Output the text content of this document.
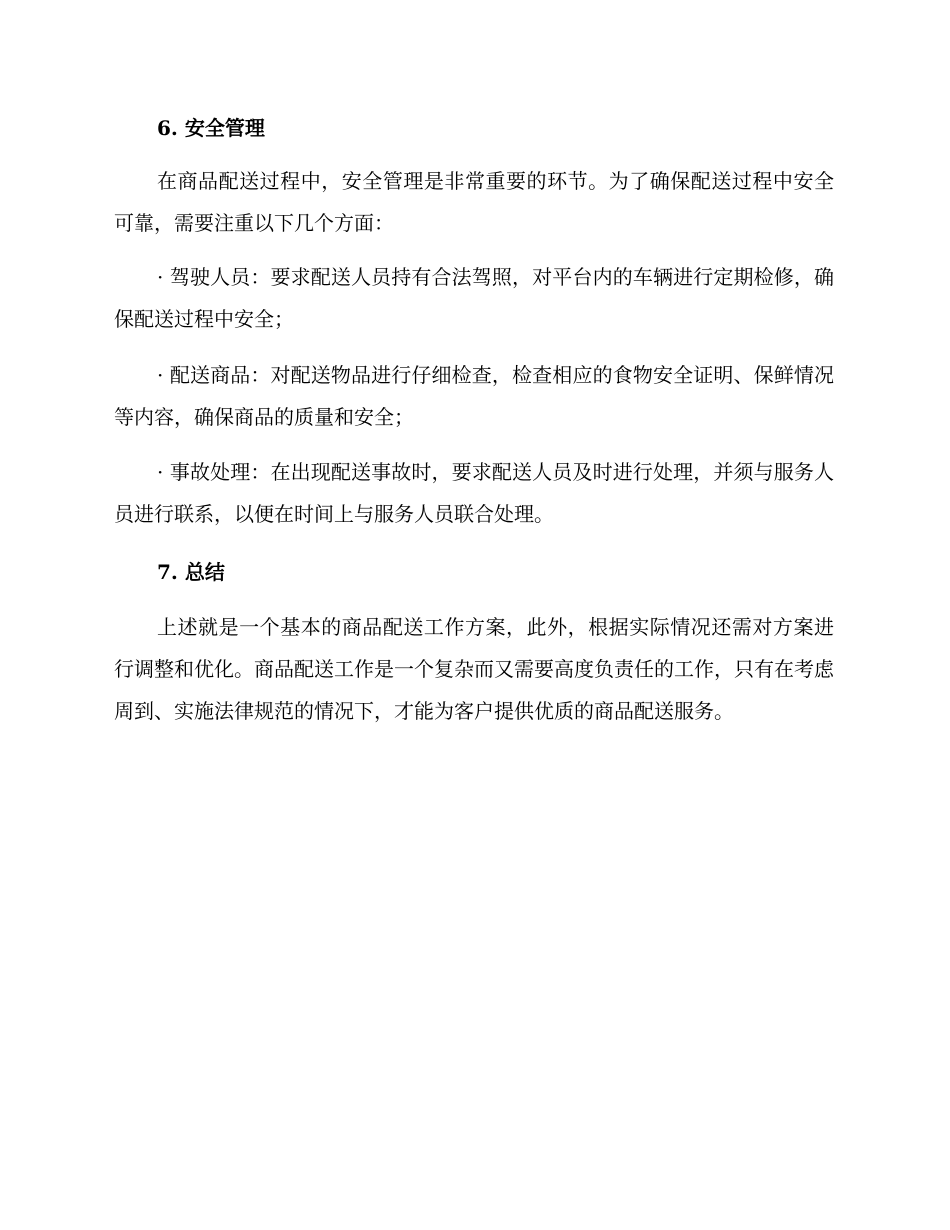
6. 安全管理

在商品配送过程中，安全管理是非常重要的环节。为了确保配送过程中安全可靠，需要注重以下几个方面：

· 驾驶人员：要求配送人员持有合法驾照，对平台内的车辆进行定期检修，确保配送过程中安全；

· 配送商品：对配送物品进行仔细检查，检查相应的食物安全证明、保鲜情况等内容，确保商品的质量和安全；

· 事故处理：在出现配送事故时，要求配送人员及时进行处理，并须与服务人员进行联系，以便在时间上与服务人员联合处理。

7. 总结

上述就是一个基本的商品配送工作方案，此外，根据实际情况还需对方案进行调整和优化。商品配送工作是一个复杂而又需要高度负责任的工作，只有在考虑周到、实施法律规范的情况下，才能为客户提供优质的商品配送服务。
